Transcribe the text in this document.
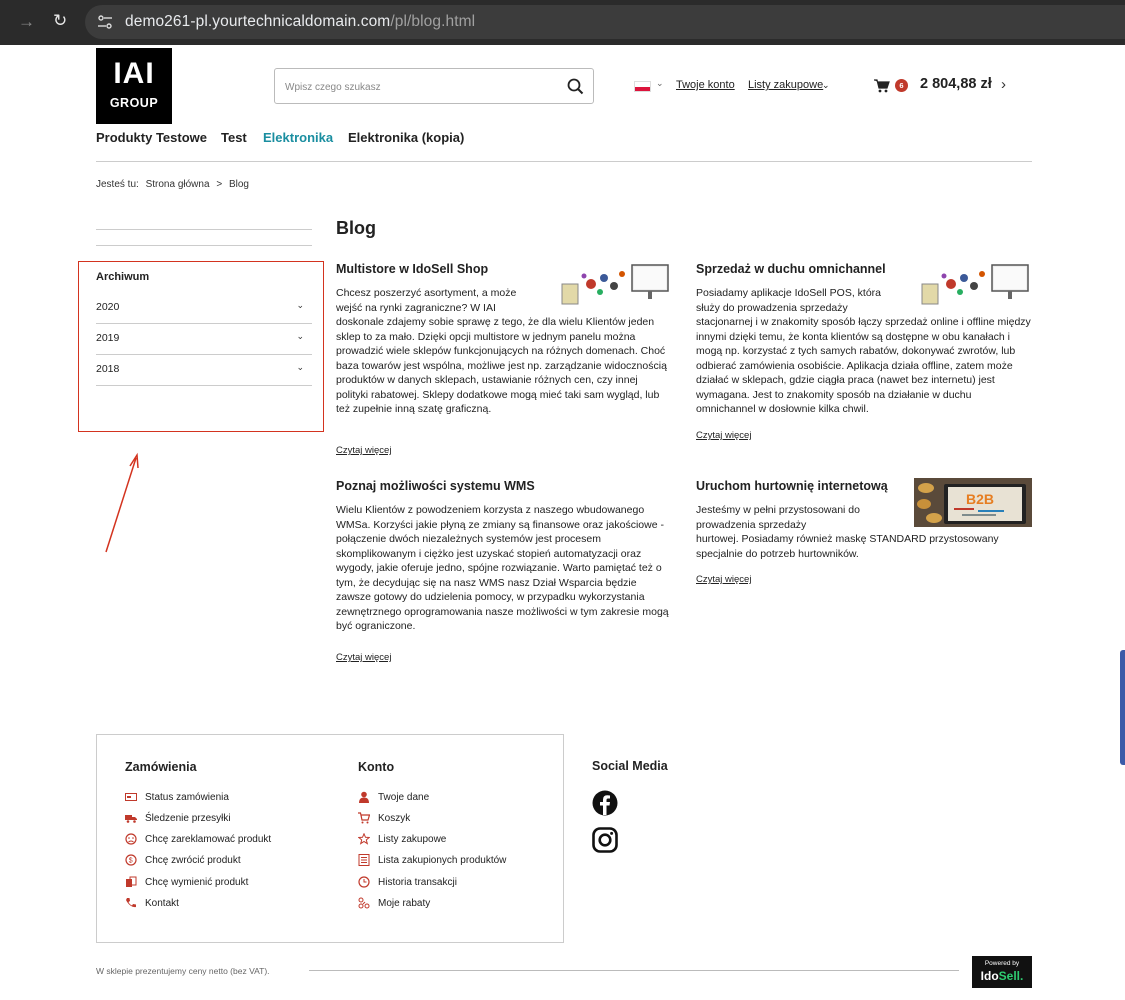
→ ↻	demo261-pl.yourtechnicaldomain.com/pl/blog.html
IAI
GROUP
Wpisz czego szukasz
⌄ Twoje konto Listy zakupowe
⌄	6	2 804,88 zł ›
Produkty Testowe Test Elektronika Elektronika (kopia)
Jesteś tu: Strona główna > Blog
Archiwum
2020	⌄
2019	⌄
2018	⌄
Blog
Multistore w IdoSell Shop

Chcesz poszerzyć asortyment, a może wejść na rynki zagraniczne? W IAI

doskonale zdajemy sobie sprawę z tego, że dla wielu Klientów jeden sklep to za mało. Dzięki opcji multistore w jednym panelu można prowadzić wiele sklepów funkcjonujących na różnych domenach. Choć baza towarów jest wspólna, możliwe jest np. zarządzanie widocznością produktów w danych sklepach, ustawianie różnych cen, czy innej polityki rabatowej. Sklepy dodatkowe mogą mieć taki sam wygląd, lub też zupełnie inną szatę graficzną.

Czytaj więcej
Sprzedaż w duchu omnichannel

Posiadamy aplikacje IdoSell POS, która służy do prowadzenia sprzedaży

stacjonarnej i w znakomity sposób łączy sprzedaż online i offline między innymi dzięki temu, że konta klientów są dostępne w obu kanałach i mogą np. korzystać z tych samych rabatów, dokonywać zwrotów, lub odbierać zamówienia osobiście. Aplikacja działa offline, zatem może działać w sklepach, gdzie ciągła praca (nawet bez internetu) jest wymagana. Jest to znakomity sposób na działanie w duchu omnichannel w dosłownie kilka chwil.

Czytaj więcej
Poznaj możliwości systemu WMS

Wielu Klientów z powodzeniem korzysta z naszego wbudowanego WMSa. Korzyści jakie płyną ze zmiany są finansowe oraz jakościowe - połączenie dwóch niezależnych systemów jest procesem skomplikowanym i ciężko jest uzyskać stopień automatyzacji oraz wygody, jakie oferuje jedno, spójne rozwiązanie. Warto pamiętać też o tym, że decydując się na nasz WMS nasz Dział Wsparcia będzie zawsze gotowy do udzielenia pomocy, w przypadku wykorzystania zewnętrznego oprogramowania nasze możliwości w tym zakresie mogą być ograniczone.

Czytaj więcej
Uruchom hurtownię internetową
B2B

Jesteśmy w pełni przystosowani do prowadzenia sprzedaży

hurtowej. Posiadamy również maskę STANDARD przystosowany specjalnie do potrzeb hurtowników.

Czytaj więcej
Zamówienia	Konto	Social Media
Status zamówienia
Śledzenie przesyłki
Chcę zareklamować produkt
$ Chcę zwrócić produkt
Chcę wymienić produkt
Kontakt
Twoje dane
Koszyk
Listy zakupowe
Lista zakupionych produktów
Historia transakcji
Moje rabaty
W sklepie prezentujemy ceny netto (bez VAT).
Powered by
IdoSell.
